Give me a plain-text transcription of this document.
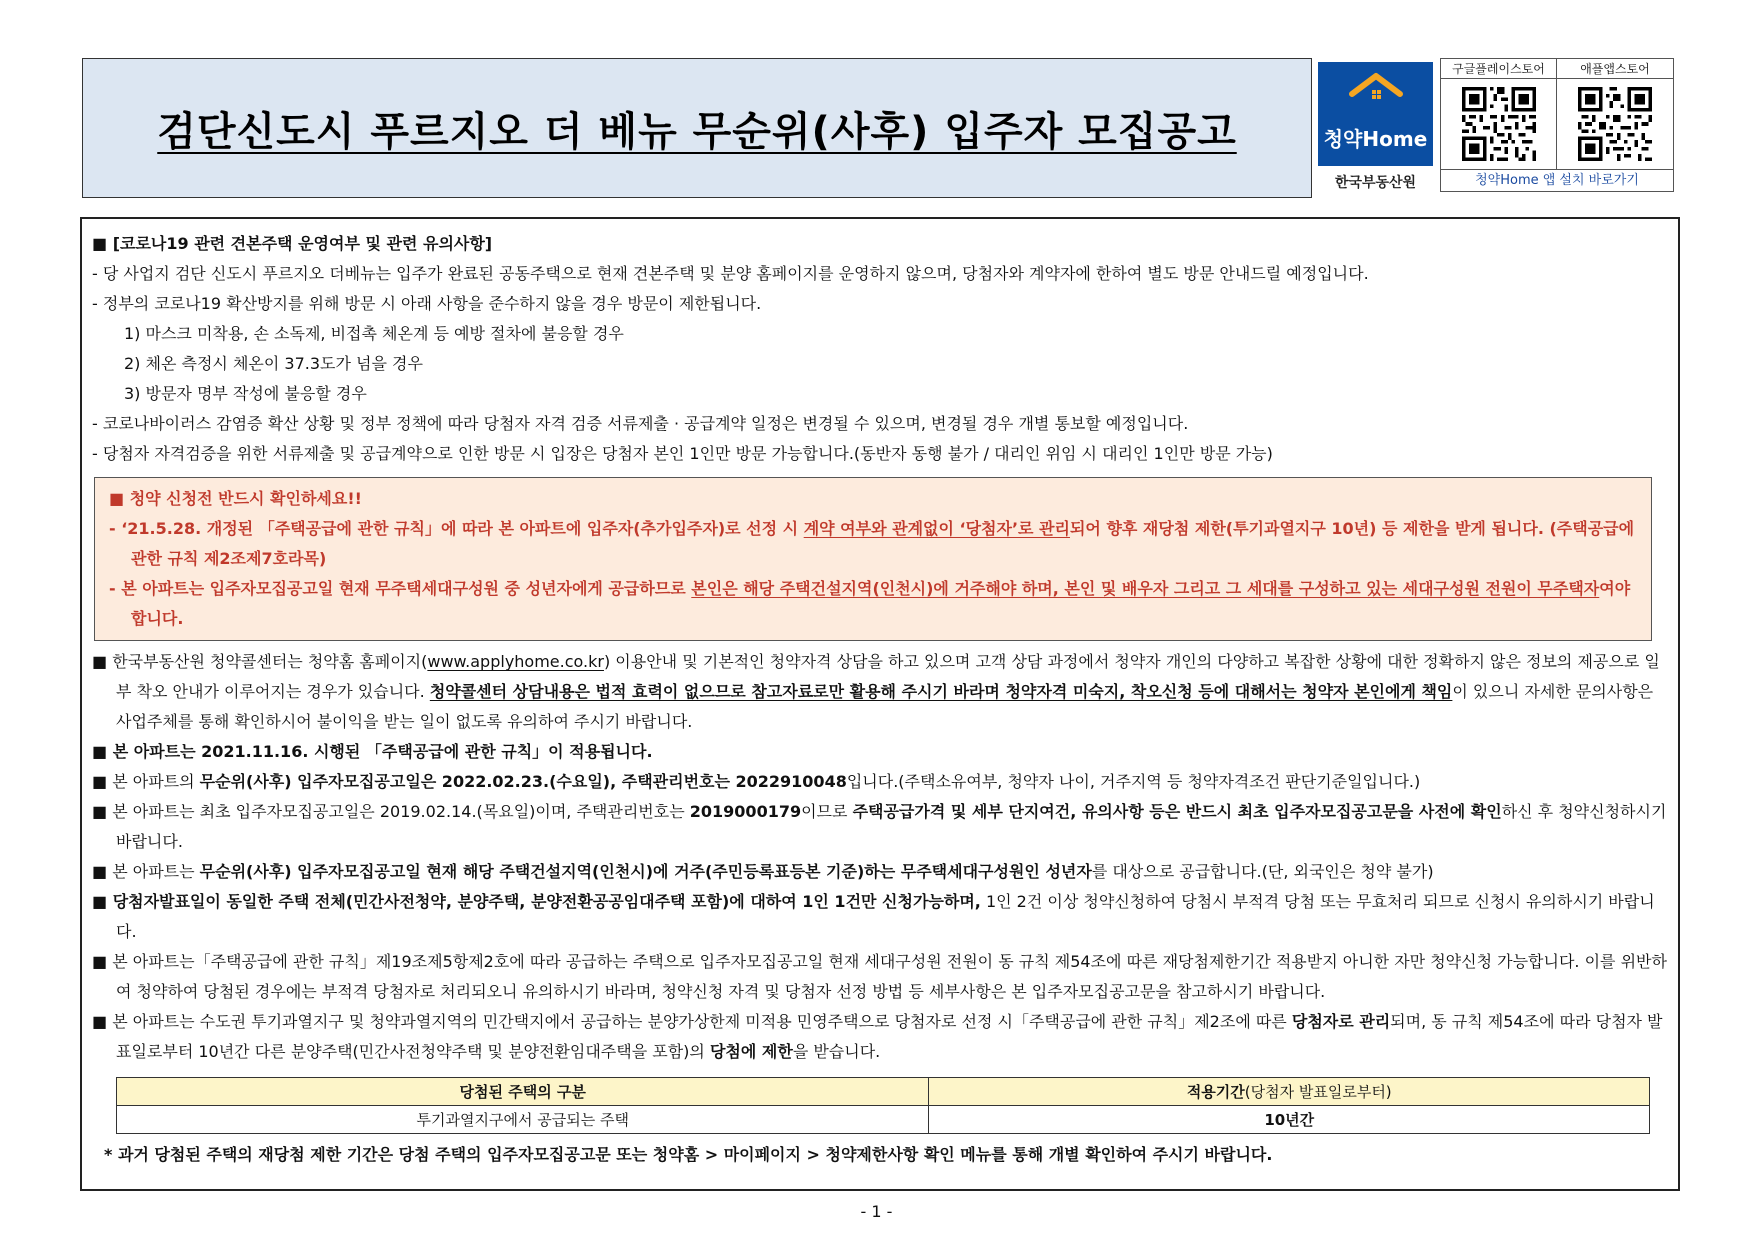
검단신도시 푸르지오 더 베뉴 무순위(사후) 입주자 모집공고	청약Home
한국부동산원
구글플레이스토어	애플앱스토어
청약Home 앱 설치 바로가기
■ [코로나19 관련 견본주택 운영여부 및 관련 유의사항]
- 당 사업지 검단 신도시 푸르지오 더베뉴는 입주가 완료된 공동주택으로 현재 견본주택 및 분양 홈페이지를 운영하지 않으며, 당첨자와 계약자에 한하여 별도 방문 안내드릴 예정입니다.
- 정부의 코로나19 확산방지를 위해 방문 시 아래 사항을 준수하지 않을 경우 방문이 제한됩니다.
1) 마스크 미착용, 손 소독제, 비접촉 체온계 등 예방 절차에 불응할 경우
2) 체온 측정시 체온이 37.3도가 넘을 경우
3) 방문자 명부 작성에 불응할 경우
- 코로나바이러스 감염증 확산 상황 및 정부 정책에 따라 당첨자 자격 검증 서류제출 · 공급계약 일정은 변경될 수 있으며, 변경될 경우 개별 통보할 예정입니다.
- 당첨자 자격검증을 위한 서류제출 및 공급계약으로 인한 방문 시 입장은 당첨자 본인 1인만 방문 가능합니다.(동반자 동행 불가 / 대리인 위임 시 대리인 1인만 방문 가능)
■ 청약 신청전 반드시 확인하세요!!
- ‘21.5.28. 개정된 「주택공급에 관한 규칙」에 따라 본 아파트에 입주자(추가입주자)로 선정 시 계약 여부와 관계없이 ‘당첨자’로 관리되어 향후 재당첨 제한(투기과열지구 10년) 등 제한을 받게 됩니다. (주택공급에 관한 규칙 제2조제7호라목)
- 본 아파트는 입주자모집공고일 현재 무주택세대구성원 중 성년자에게 공급하므로 본인은 해당 주택건설지역(인천시)에 거주해야 하며, 본인 및 배우자 그리고 그 세대를 구성하고 있는 세대구성원 전원이 무주택자여야 합니다.
■ 한국부동산원 청약콜센터는 청약홈 홈페이지(www.applyhome.co.kr) 이용안내 및 기본적인 청약자격 상담을 하고 있으며 고객 상담 과정에서 청약자 개인의 다양하고 복잡한 상황에 대한 정확하지 않은 정보의 제공으로 일부 착오 안내가 이루어지는 경우가 있습니다. 청약콜센터 상담내용은 법적 효력이 없으므로 참고자료로만 활용해 주시기 바라며 청약자격 미숙지, 착오신청 등에 대해서는 청약자 본인에게 책임이 있으니 자세한 문의사항은 사업주체를 통해 확인하시어 불이익을 받는 일이 없도록 유의하여 주시기 바랍니다.
■ 본 아파트는 2021.11.16. 시행된 「주택공급에 관한 규칙」이 적용됩니다.
■ 본 아파트의 무순위(사후) 입주자모집공고일은 2022.02.23.(수요일), 주택관리번호는 2022910048입니다.(주택소유여부, 청약자 나이, 거주지역 등 청약자격조건 판단기준일입니다.)
■ 본 아파트는 최초 입주자모집공고일은 2019.02.14.(목요일)이며, 주택관리번호는 2019000179이므로 주택공급가격 및 세부 단지여건, 유의사항 등은 반드시 최초 입주자모집공고문을 사전에 확인하신 후 청약신청하시기 바랍니다.
■ 본 아파트는 무순위(사후) 입주자모집공고일 현재 해당 주택건설지역(인천시)에 거주(주민등록표등본 기준)하는 무주택세대구성원인 성년자를 대상으로 공급합니다.(단, 외국인은 청약 불가)
■ 당첨자발표일이 동일한 주택 전체(민간사전청약, 분양주택, 분양전환공공임대주택 포함)에 대하여 1인 1건만 신청가능하며, 1인 2건 이상 청약신청하여 당첨시 부적격 당첨 또는 무효처리 되므로 신청시 유의하시기 바랍니다.
■ 본 아파트는「주택공급에 관한 규칙」제19조제5항제2호에 따라 공급하는 주택으로 입주자모집공고일 현재 세대구성원 전원이 동 규칙 제54조에 따른 재당첨제한기간 적용받지 아니한 자만 청약신청 가능합니다. 이를 위반하여 청약하여 당첨된 경우에는 부적격 당첨자로 처리되오니 유의하시기 바라며, 청약신청 자격 및 당첨자 선정 방법 등 세부사항은 본 입주자모집공고문을 참고하시기 바랍니다.
■ 본 아파트는 수도권 투기과열지구 및 청약과열지역의 민간택지에서 공급하는 분양가상한제 미적용 민영주택으로 당첨자로 선정 시「주택공급에 관한 규칙」제2조에 따른 당첨자로 관리되며, 동 규칙 제54조에 따라 당첨자 발표일로부터 10년간 다른 분양주택(민간사전청약주택 및 분양전환임대주택을 포함)의 당첨에 제한을 받습니다.
당첨된 주택의 구분	적용기간(당첨자 발표일로부터)
투기과열지구에서 공급되는 주택	10년간
* 과거 당첨된 주택의 재당첨 제한 기간은 당첨 주택의 입주자모집공고문 또는 청약홈 > 마이페이지 > 청약제한사항 확인 메뉴를 통해 개별 확인하여 주시기 바랍니다.
- 1 -
